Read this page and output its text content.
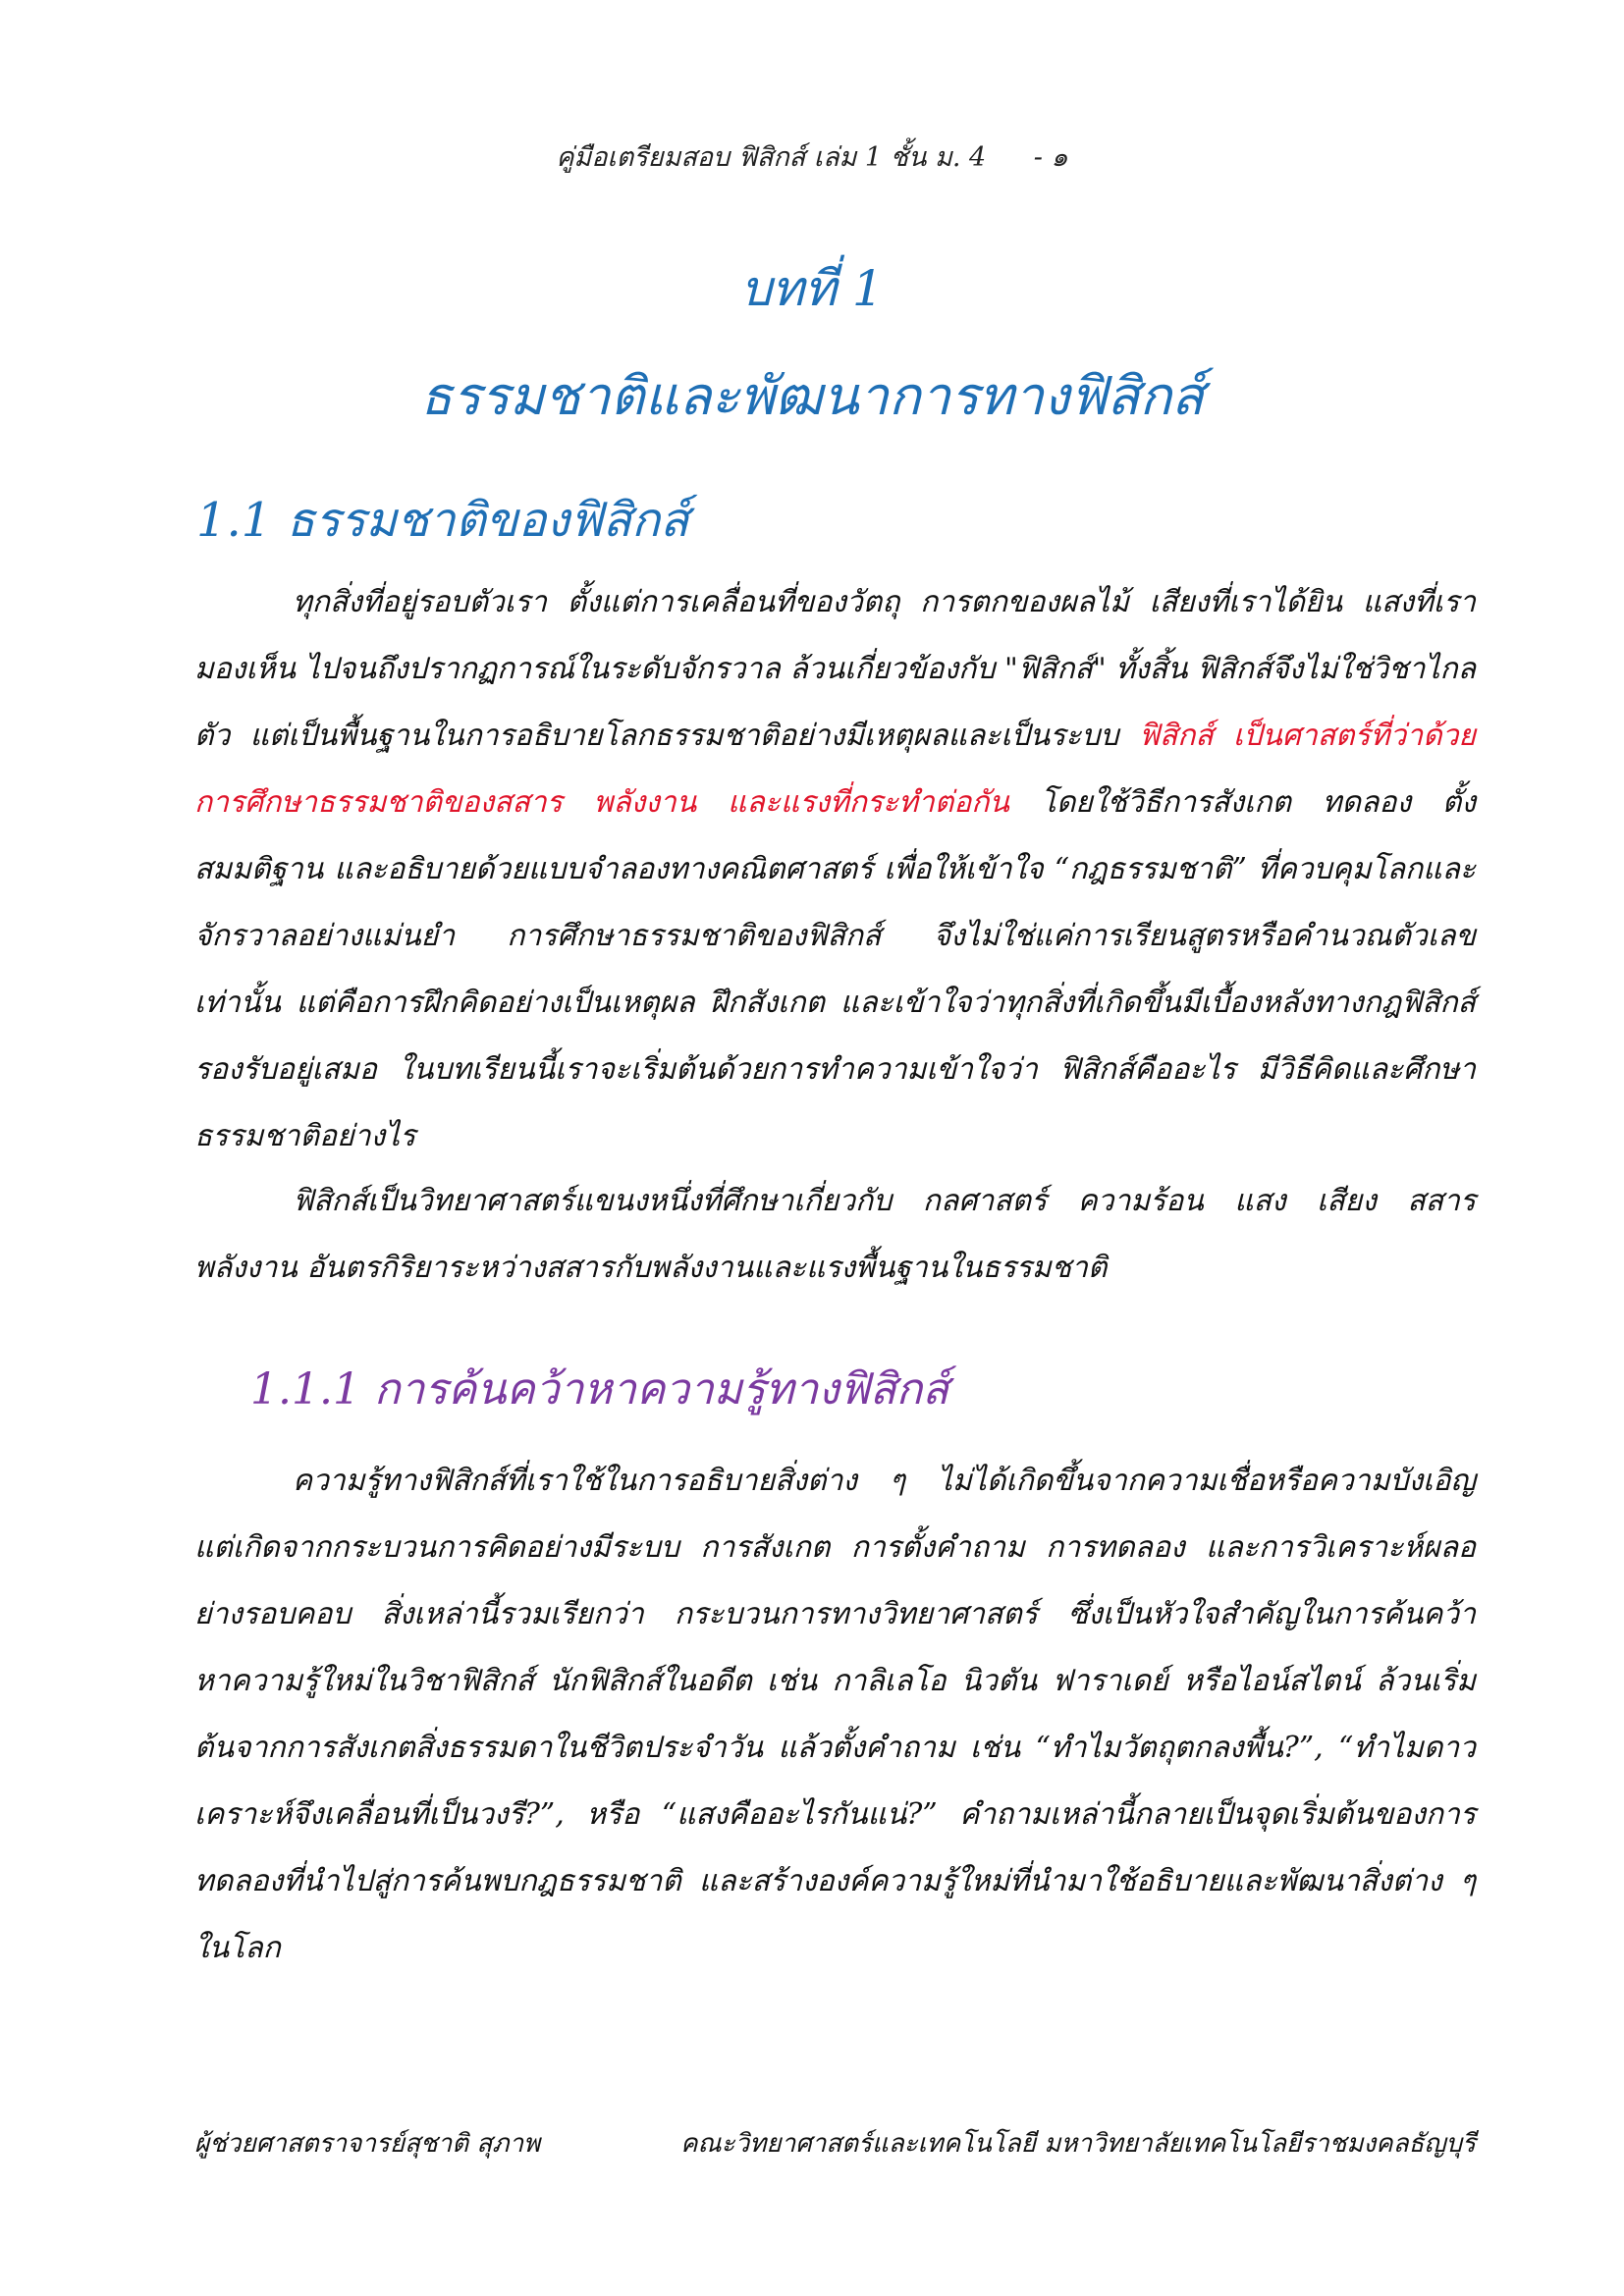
คู่มือเตรียมสอบ ฟิสิกส์ เล่ม 1 ชั้น ม. 4 - ๑
บทที่ 1
ธรรมชาติและพัฒนาการทางฟิสิกส์
1.1 ธรรมชาติของฟิสิกส์
ทุกสิ่งที่อยู่รอบตัวเรา ตั้งแต่การเคลื่อนที่ของวัตถุ การตกของผลไม้ เสียงที่เราได้ยิน แสงที่เรามองเห็น ไปจนถึงปรากฏการณ์ในระดับจักรวาล ล้วนเกี่ยวข้องกับ "ฟิสิกส์" ทั้งสิ้น ฟิสิกส์จึงไม่ใช่วิชาไกลตัว แต่เป็นพื้นฐานในการอธิบายโลกธรรมชาติอย่างมีเหตุผลและเป็นระบบ ฟิสิกส์ เป็นศาสตร์ที่ว่าด้วยการศึกษาธรรมชาติของสสาร พลังงาน และแรงที่กระทำต่อกัน โดยใช้วิธีการสังเกต ทดลอง ตั้งสมมติฐาน และอธิบายด้วยแบบจำลองทางคณิตศาสตร์ เพื่อให้เข้าใจ “กฎธรรมชาติ” ที่ควบคุมโลกและจักรวาลอย่างแม่นยำ การศึกษาธรรมชาติของฟิสิกส์ จึงไม่ใช่แค่การเรียนสูตรหรือคำนวณตัวเลขเท่านั้น แต่คือการฝึกคิดอย่างเป็นเหตุผล ฝึกสังเกต และเข้าใจว่าทุกสิ่งที่เกิดขึ้นมีเบื้องหลังทางกฎฟิสิกส์รองรับอยู่เสมอ ในบทเรียนนี้เราจะเริ่มต้นด้วยการทำความเข้าใจว่า ฟิสิกส์คืออะไร มีวิธีคิดและศึกษาธรรมชาติอย่างไร
ฟิสิกส์เป็นวิทยาศาสตร์แขนงหนึ่งที่ศึกษาเกี่ยวกับ กลศาสตร์ ความร้อน แสง เสียง สสาร พลังงาน อันตรกิริยาระหว่างสสารกับพลังงานและแรงพื้นฐานในธรรมชาติ
1.1.1 การค้นคว้าหาความรู้ทางฟิสิกส์
ความรู้ทางฟิสิกส์ที่เราใช้ในการอธิบายสิ่งต่าง ๆ ไม่ได้เกิดขึ้นจากความเชื่อหรือความบังเอิญ แต่เกิดจากกระบวนการคิดอย่างมีระบบ การสังเกต การตั้งคำถาม การทดลอง และการวิเคราะห์ผลอย่างรอบคอบ สิ่งเหล่านี้รวมเรียกว่า กระบวนการทางวิทยาศาสตร์ ซึ่งเป็นหัวใจสำคัญในการค้นคว้าหาความรู้ใหม่ในวิชาฟิสิกส์ นักฟิสิกส์ในอดีต เช่น กาลิเลโอ นิวตัน ฟาราเดย์ หรือไอน์สไตน์ ล้วนเริ่มต้นจากการสังเกตสิ่งธรรมดาในชีวิตประจำวัน แล้วตั้งคำถาม เช่น “ทำไมวัตถุตกลงพื้น?”, “ทำไมดาวเคราะห์จึงเคลื่อนที่เป็นวงรี?”, หรือ “แสงคืออะไรกันแน่?” คำถามเหล่านี้กลายเป็นจุดเริ่มต้นของการทดลองที่นำไปสู่การค้นพบกฎธรรมชาติ และสร้างองค์ความรู้ใหม่ที่นำมาใช้อธิบายและพัฒนาสิ่งต่าง ๆ ในโลก
ผู้ช่วยศาสตราจารย์สุชาติ สุภาพ	คณะวิทยาศาสตร์และเทคโนโลยี มหาวิทยาลัยเทคโนโลยีราชมงคลธัญบุรี
